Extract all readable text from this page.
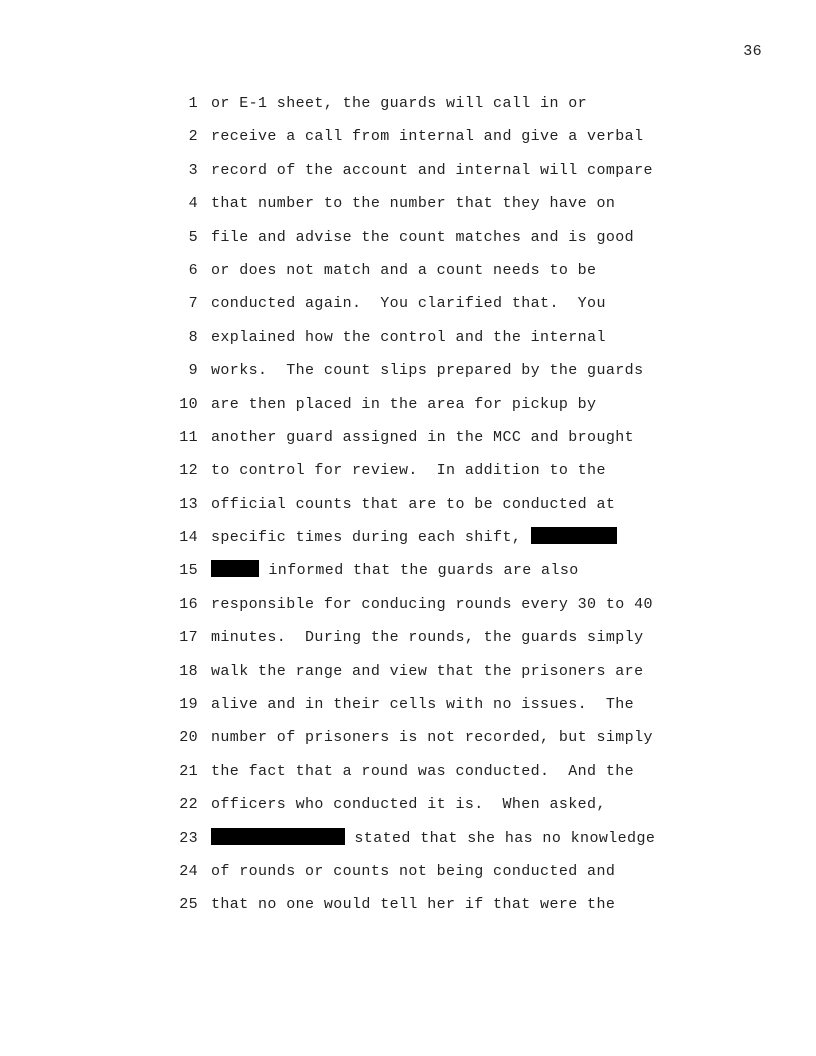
36
1 or E-1 sheet, the guards will call in or
2 receive a call from internal and give a verbal
3 record of the account and internal will compare
4 that number to the number that they have on
5 file and advise the count matches and is good
6 or does not match and a count needs to be
7 conducted again.  You clarified that.  You
8 explained how the control and the internal
9 works.  The count slips prepared by the guards
10 are then placed in the area for pickup by
11 another guard assigned in the MCC and brought
12 to control for review.  In addition to the
13 official counts that are to be conducted at
14 specific times during each shift,
15	informed that the guards are also
16 responsible for conducing rounds every 30 to 40
17 minutes.  During the rounds, the guards simply
18 walk the range and view that the prisoners are
19 alive and in their cells with no issues.  The
20 number of prisoners is not recorded, but simply
21 the fact that a round was conducted.  And the
22 officers who conducted it is.  When asked,
23	stated that she has no knowledge
24 of rounds or counts not being conducted and
25 that no one would tell her if that were the
